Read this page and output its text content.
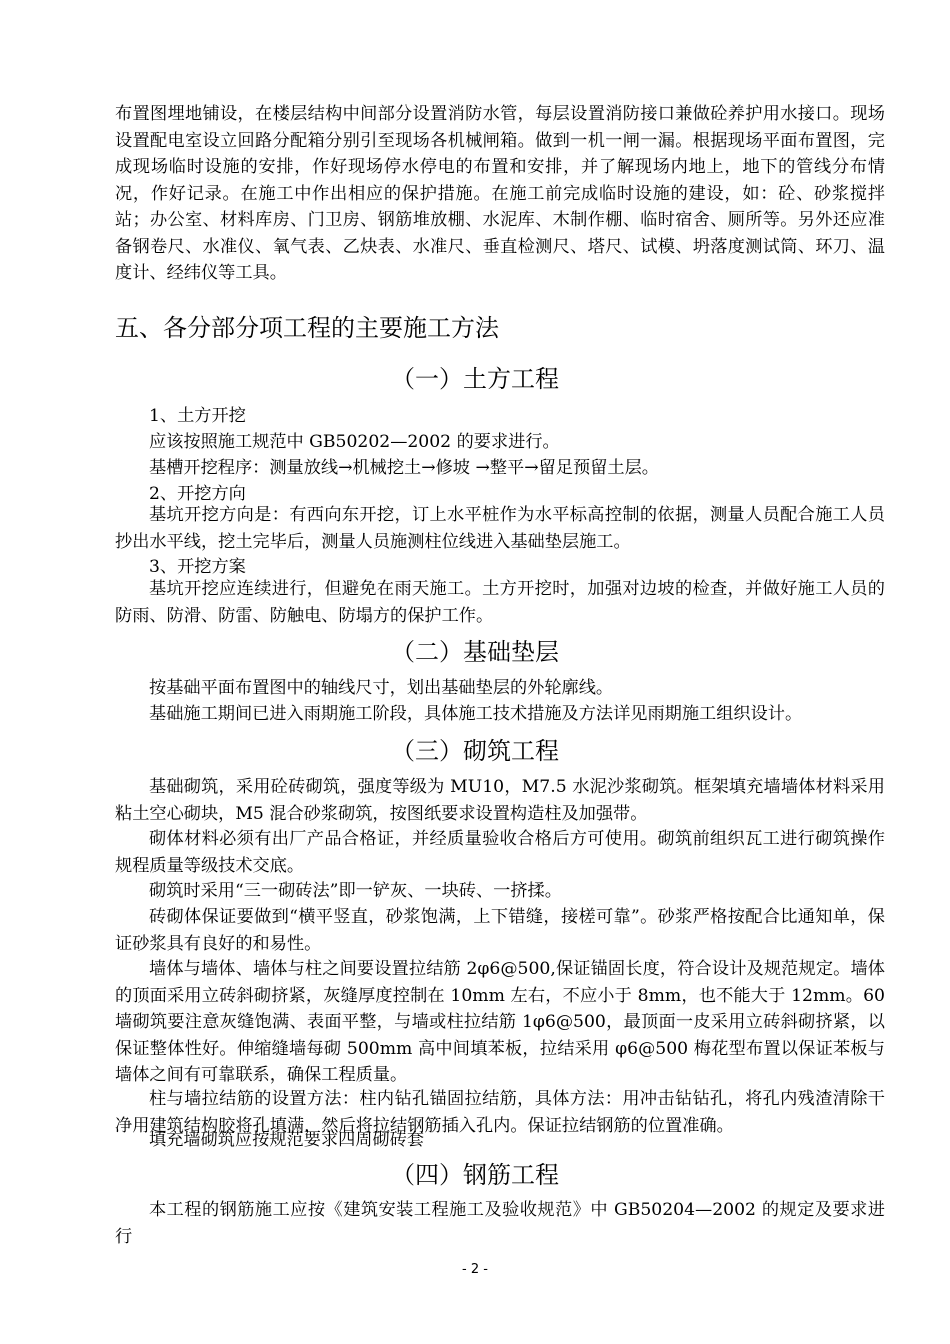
布置图埋地铺设，在楼层结构中间部分设置消防水管，每层设置消防接口兼做砼养护用水接口。现场设置配电室设立回路分配箱分别引至现场各机械闸箱。做到一机一闸一漏。根据现场平面布置图，完成现场临时设施的安排，作好现场停水停电的布置和安排，并了解现场内地上，地下的管线分布情况，作好记录。在施工中作出相应的保护措施。在施工前完成临时设施的建设，如：砼、砂浆搅拌站；办公室、材料库房、门卫房、钢筋堆放棚、水泥库、木制作棚、临时宿舍、厕所等。另外还应准备钢卷尺、水准仪、氧气表、乙炔表、水准尺、垂直检测尺、塔尺、试模、坍落度测试筒、环刀、温度计、经纬仪等工具。

五、各分部分项工程的主要施工方法
（一）土方工程

1、土方开挖

应该按照施工规范中 GB50202—2002 的要求进行。

基槽开挖程序：测量放线→机械挖土→修坡 →整平→留足预留土层。

2、开挖方向

基坑开挖方向是：有西向东开挖，订上水平桩作为水平标高控制的依据，测量人员配合施工人员抄出水平线，挖土完毕后，测量人员施测柱位线进入基础垫层施工。

3、开挖方案

基坑开挖应连续进行，但避免在雨天施工。土方开挖时，加强对边坡的检查，并做好施工人员的防雨、防滑、防雷、防触电、防塌方的保护工作。

（二）基础垫层

按基础平面布置图中的轴线尺寸，划出基础垫层的外轮廓线。

基础施工期间已进入雨期施工阶段，具体施工技术措施及方法详见雨期施工组织设计。

（三）砌筑工程

基础砌筑，采用砼砖砌筑，强度等级为 MU10，M7.5 水泥沙浆砌筑。框架填充墙墙体材料采用粘土空心砌块，M5 混合砂浆砌筑，按图纸要求设置构造柱及加强带。

砌体材料必须有出厂产品合格证，并经质量验收合格后方可使用。砌筑前组织瓦工进行砌筑操作规程质量等级技术交底。

砌筑时采用“三一砌砖法”即一铲灰、一块砖、一挤揉。

砖砌体保证要做到“横平竖直，砂浆饱满，上下错缝，接槎可靠”。砂浆严格按配合比通知单，保证砂浆具有良好的和易性。

墙体与墙体、墙体与柱之间要设置拉结筋 2φ6@500,保证锚固长度，符合设计及规范规定。墙体的顶面采用立砖斜砌挤紧，灰缝厚度控制在 10mm 左右，不应小于 8mm，也不能大于 12mm。60 墙砌筑要注意灰缝饱满、表面平整，与墙或柱拉结筋 1φ6@500，最顶面一皮采用立砖斜砌挤紧，以保证整体性好。伸缩缝墙每砌 500mm 高中间填苯板，拉结采用 φ6@500 梅花型布置以保证苯板与墙体之间有可靠联系，确保工程质量。

柱与墙拉结筋的设置方法：柱内钻孔锚固拉结筋，具体方法：用冲击钻钻孔，将孔内残渣清除干净用建筑结构胶将孔填满，然后将拉结钢筋插入孔内。保证拉结钢筋的位置准确。

填充墙砌筑应按规范要求四周砌砖套

（四）钢筋工程

本工程的钢筋施工应按《建筑安装工程施工及验收规范》中 GB50204—2002 的规定及要求进行

- 2 -
